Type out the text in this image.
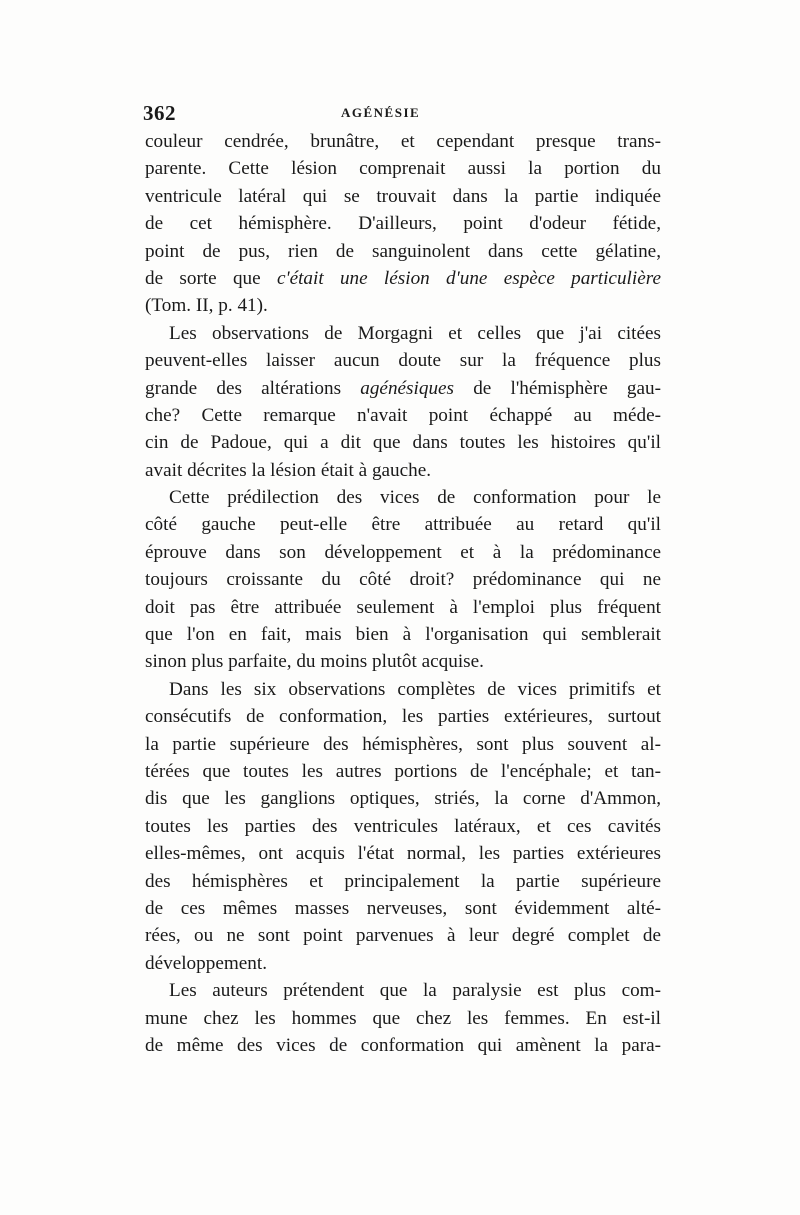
362	AGÉNÉSIE
couleur cendrée, brunâtre, et cependant presque trans-
parente. Cette lésion comprenait aussi la portion du
ventricule latéral qui se trouvait dans la partie indiquée
de cet hémisphère. D'ailleurs, point d'odeur fétide,
point de pus, rien de sanguinolent dans cette gélatine,
de sorte que c'était une lésion d'une espèce particulière
(Tom. II, p. 41).
Les observations de Morgagni et celles que j'ai citées
peuvent-elles laisser aucun doute sur la fréquence plus
grande des altérations agénésiques de l'hémisphère gau-
che? Cette remarque n'avait point échappé au méde-
cin de Padoue, qui a dit que dans toutes les histoires qu'il
avait décrites la lésion était à gauche.
Cette prédilection des vices de conformation pour le
côté gauche peut-elle être attribuée au retard qu'il
éprouve dans son développement et à la prédominance
toujours croissante du côté droit? prédominance qui ne
doit pas être attribuée seulement à l'emploi plus fréquent
que l'on en fait, mais bien à l'organisation qui semblerait
sinon plus parfaite, du moins plutôt acquise.
Dans les six observations complètes de vices primitifs et
consécutifs de conformation, les parties extérieures, surtout
la partie supérieure des hémisphères, sont plus souvent al-
térées que toutes les autres portions de l'encéphale; et tan-
dis que les ganglions optiques, striés, la corne d'Ammon,
toutes les parties des ventricules latéraux, et ces cavités
elles-mêmes, ont acquis l'état normal, les parties extérieures
des hémisphères et principalement la partie supérieure
de ces mêmes masses nerveuses, sont évidemment alté-
rées, ou ne sont point parvenues à leur degré complet de
développement.
Les auteurs prétendent que la paralysie est plus com-
mune chez les hommes que chez les femmes. En est-il
de même des vices de conformation qui amènent la para-
